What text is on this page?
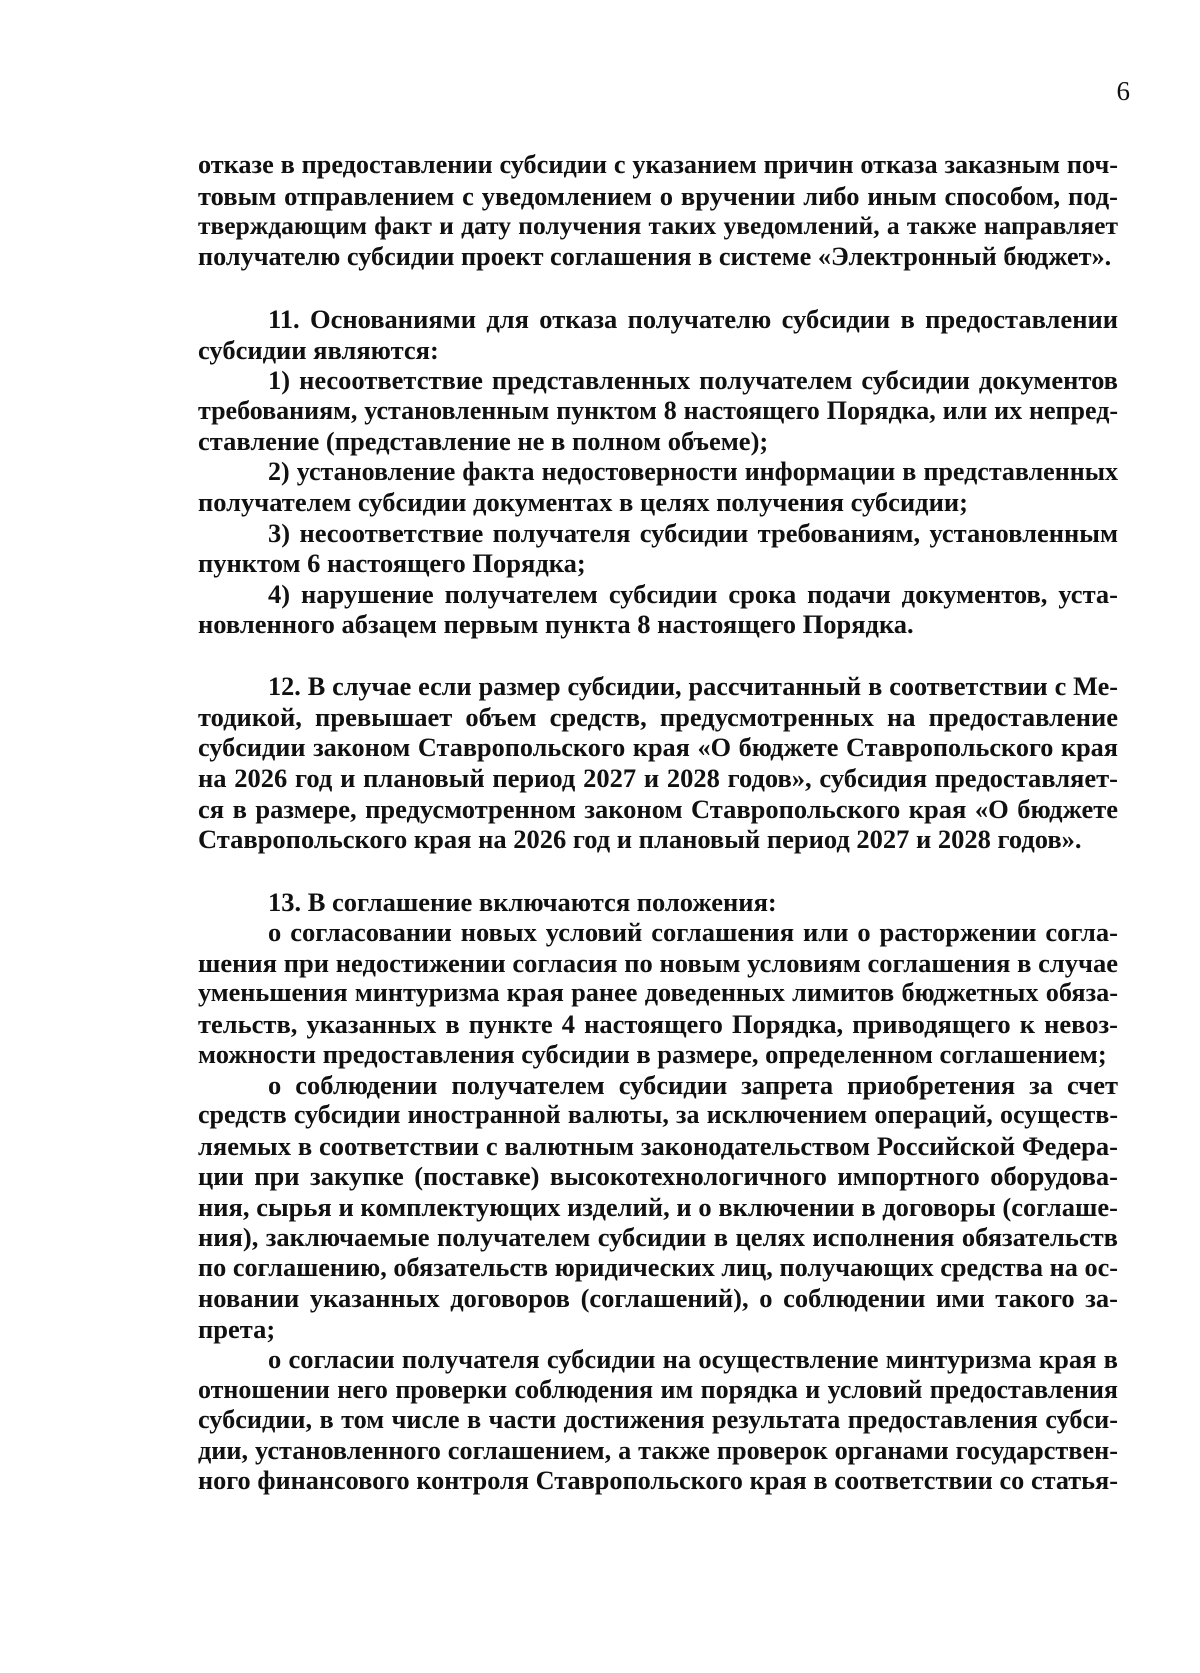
6
отказе в предоставлении субсидии с указанием причин отказа заказным поч-
товым отправлением с уведомлением о вручении либо иным способом, под-
тверждающим факт и дату получения таких уведомлений, а также направляет
получателю субсидии проект соглашения в системе «Электронный бюджет».
11. Основаниями для отказа получателю субсидии в предоставлении
субсидии являются:
1) несоответствие представленных получателем субсидии документов
требованиям, установленным пунктом 8 настоящего Порядка, или их непред-
ставление (представление не в полном объеме);
2) установление факта недостоверности информации в представленных
получателем субсидии документах в целях получения субсидии;
3) несоответствие получателя субсидии требованиям, установленным
пунктом 6 настоящего Порядка;
4) нарушение получателем субсидии срока подачи документов, уста-
новленного абзацем первым пункта 8 настоящего Порядка.
12. В случае если размер субсидии, рассчитанный в соответствии с Ме-
тодикой, превышает объем средств, предусмотренных на предоставление
субсидии законом Ставропольского края «О бюджете Ставропольского края
на 2026 год и плановый период 2027 и 2028 годов», субсидия предоставляет-
ся в размере, предусмотренном законом Ставропольского края «О бюджете
Ставропольского края на 2026 год и плановый период 2027 и 2028 годов».
13. В соглашение включаются положения:
о согласовании новых условий соглашения или о расторжении согла-
шения при недостижении согласия по новым условиям соглашения в случае
уменьшения минтуризма края ранее доведенных лимитов бюджетных обяза-
тельств, указанных в пункте 4 настоящего Порядка, приводящего к невоз-
можности предоставления субсидии в размере, определенном соглашением;
о соблюдении получателем субсидии запрета приобретения за счет
средств субсидии иностранной валюты, за исключением операций, осуществ-
ляемых в соответствии с валютным законодательством Российской Федера-
ции при закупке (поставке) высокотехнологичного импортного оборудова-
ния, сырья и комплектующих изделий, и о включении в договоры (соглаше-
ния), заключаемые получателем субсидии в целях исполнения обязательств
по соглашению, обязательств юридических лиц, получающих средства на ос-
новании указанных договоров (соглашений), о соблюдении ими такого за-
прета;
о согласии получателя субсидии на осуществление минтуризма края в
отношении него проверки соблюдения им порядка и условий предоставления
субсидии, в том числе в части достижения результата предоставления субси-
дии, установленного соглашением, а также проверок органами государствен-
ного финансового контроля Ставропольского края в соответствии со статья-
